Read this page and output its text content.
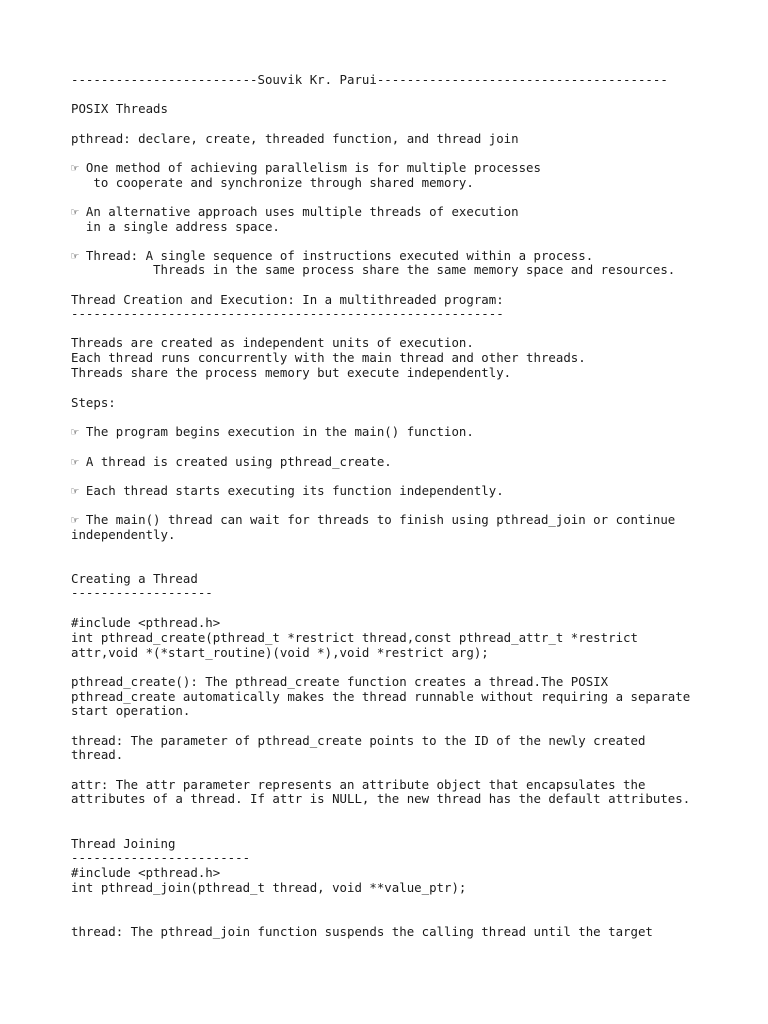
-------------------------Souvik Kr. Parui---------------------------------------

POSIX Threads

pthread: declare, create, threaded function, and thread join

☞ One method of achieving parallelism is for multiple processes

to cooperate and synchronize through shared memory.

☞ An alternative approach uses multiple threads of execution

in a single address space.

☞ Thread: A single sequence of instructions executed within a process.

Threads in the same process share the same memory space and resources.

Thread Creation and Execution: In a multithreaded program:

----------------------------------------------------------

Threads are created as independent units of execution.

Each thread runs concurrently with the main thread and other threads.

Threads share the process memory but execute independently.

Steps:

☞ The program begins execution in the main() function.

☞ A thread is created using pthread_create.

☞ Each thread starts executing its function independently.

☞ The main() thread can wait for threads to finish using pthread_join or continue

independently.

Creating a Thread

-------------------

#include <pthread.h>

int pthread_create(pthread_t *restrict thread,const pthread_attr_t *restrict

attr,void *(*start_routine)(void *),void *restrict arg);

pthread_create(): The pthread_create function creates a thread.The POSIX

pthread_create automatically makes the thread runnable without requiring a separate

start operation.

thread: The parameter of pthread_create points to the ID of the newly created

thread.

attr: The attr parameter represents an attribute object that encapsulates the

attributes of a thread. If attr is NULL, the new thread has the default attributes.

Thread Joining

------------------------

#include <pthread.h>

int pthread_join(pthread_t thread, void **value_ptr);

thread: The pthread_join function suspends the calling thread until the target
